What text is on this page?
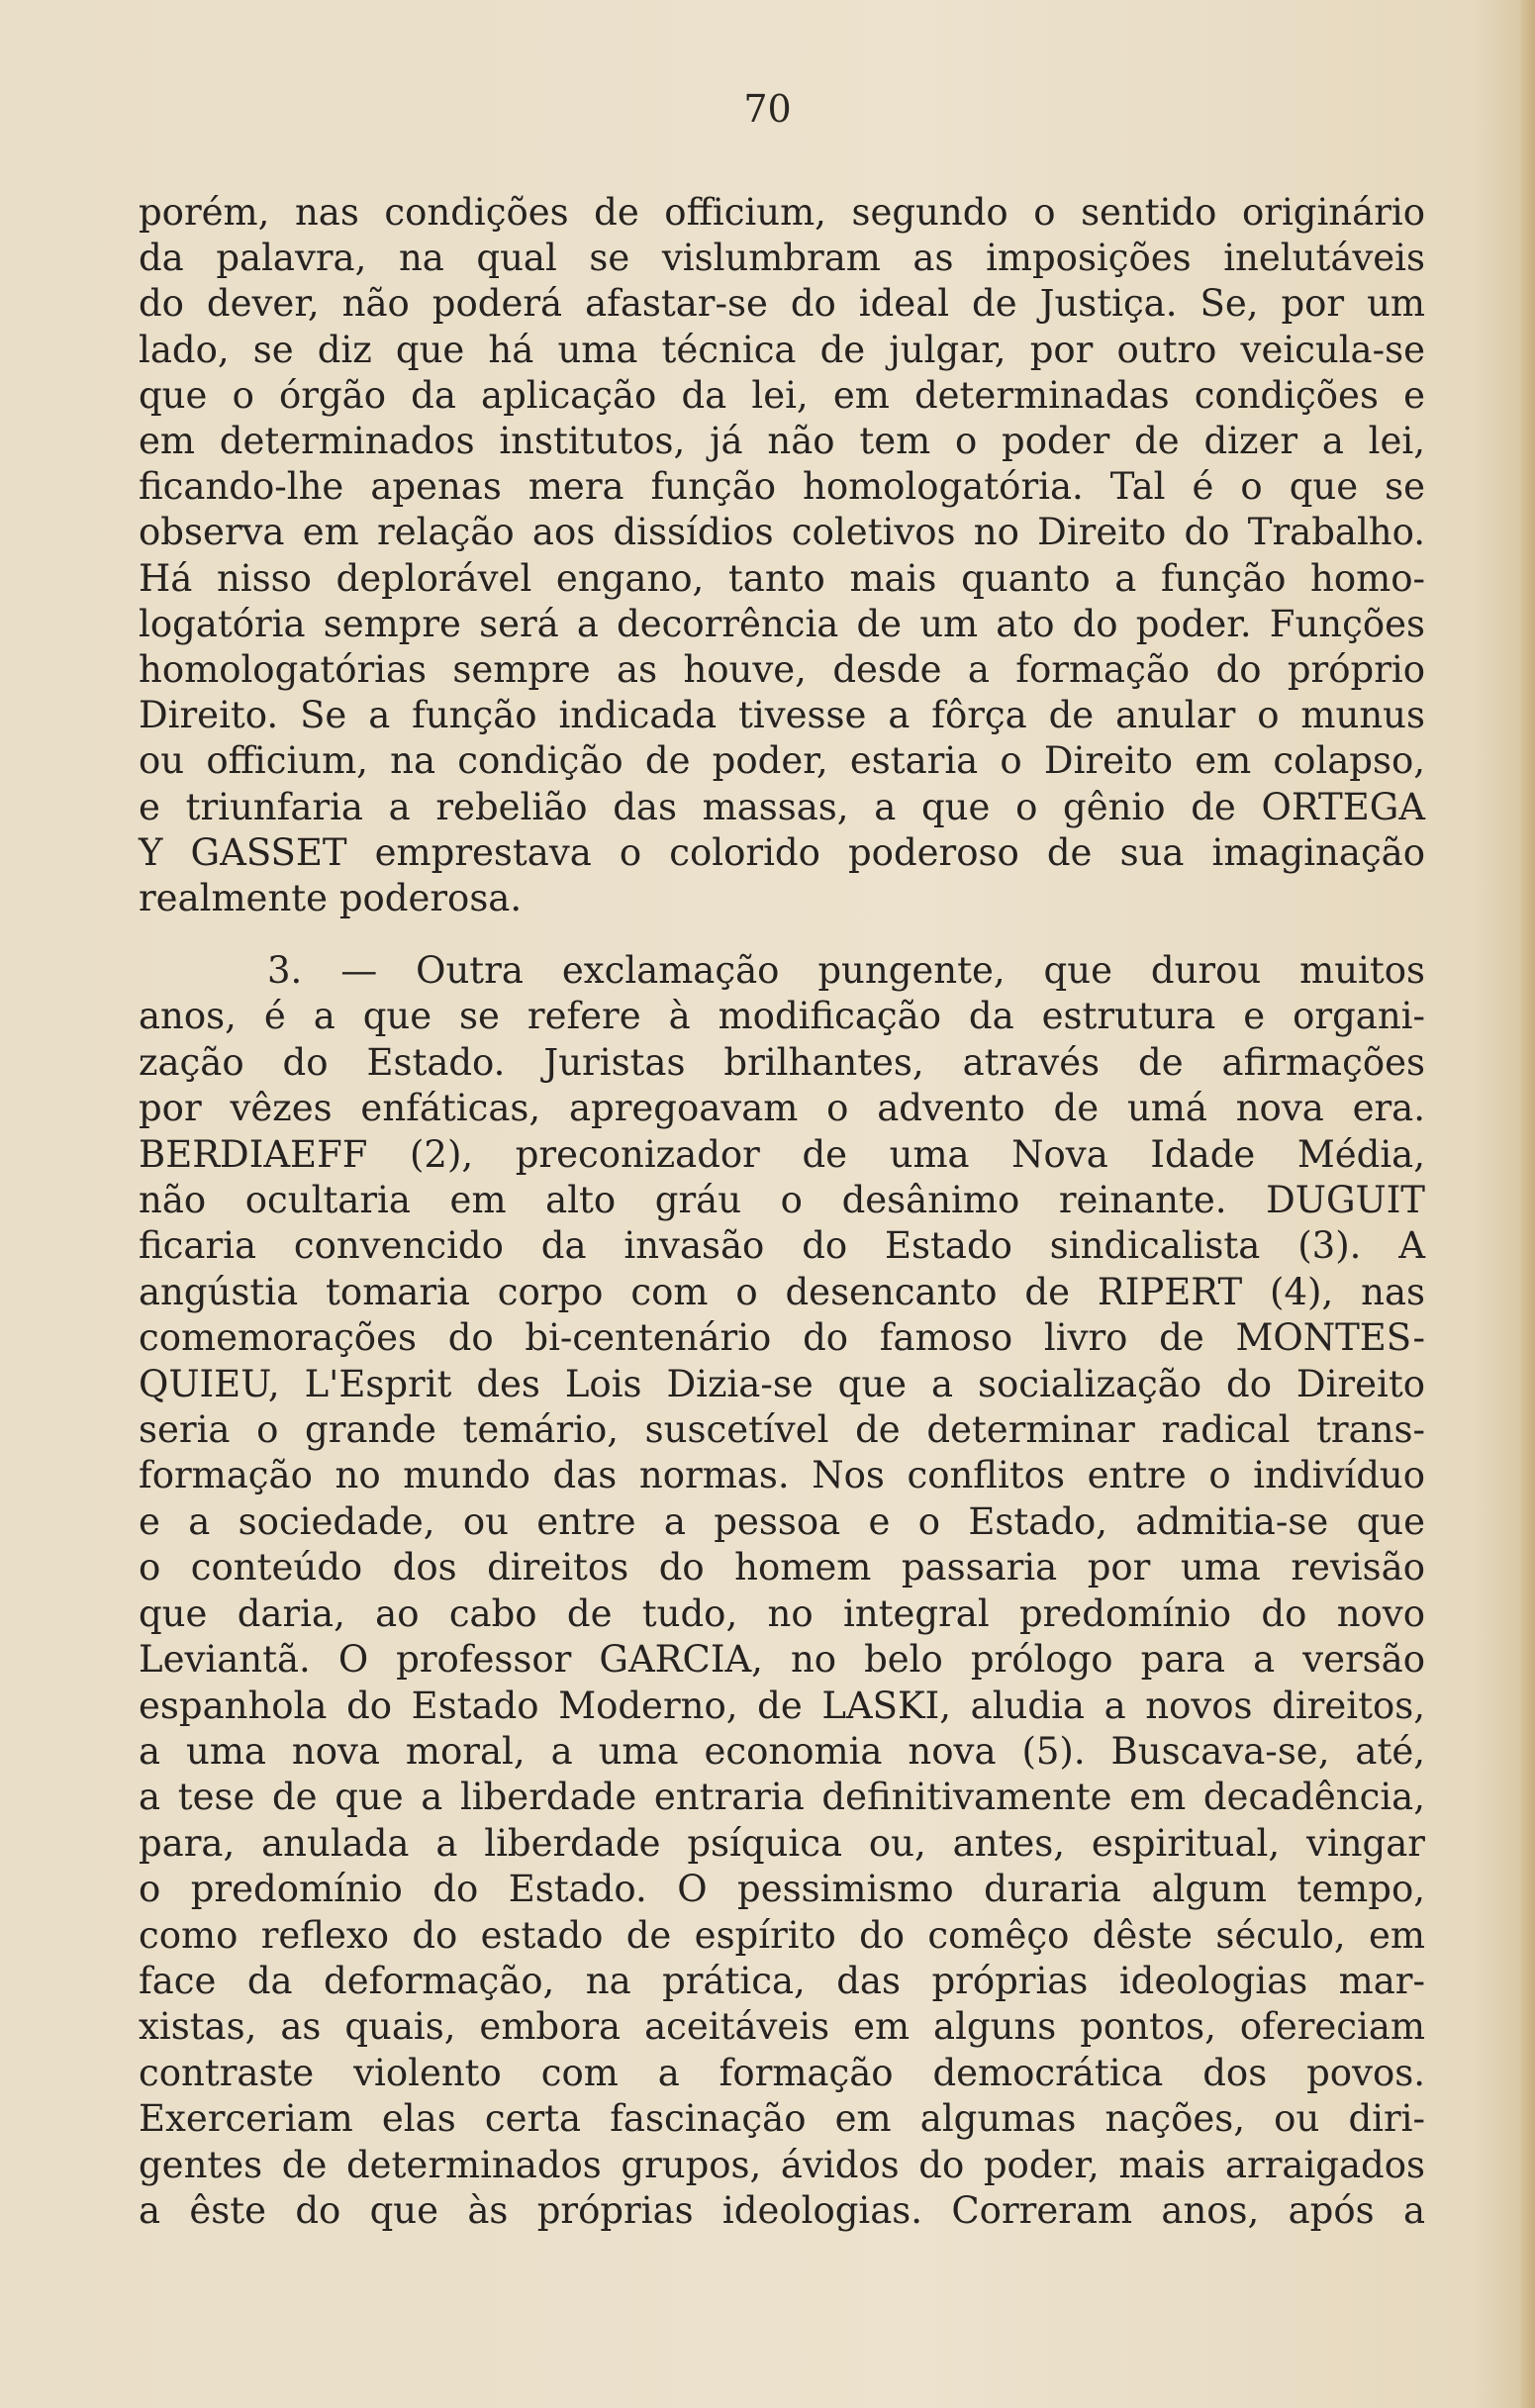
70
porém, nas condições de officium, segundo o sentido originário
da palavra, na qual se vislumbram as imposições inelutáveis
do dever, não poderá afastar-se do ideal de Justiça. Se, por um
lado, se diz que há uma técnica de julgar, por outro veicula-se
que o órgão da aplicação da lei, em determinadas condições e
em determinados institutos, já não tem o poder de dizer a lei,
ficando-lhe apenas mera função homologatória. Tal é o que se
observa em relação aos dissídios coletivos no Direito do Trabalho.
Há nisso deplorável engano, tanto mais quanto a função homo-
logatória sempre será a decorrência de um ato do poder. Funções
homologatórias sempre as houve, desde a formação do próprio
Direito. Se a função indicada tivesse a fôrça de anular o munus
ou officium, na condição de poder, estaria o Direito em colapso,
e triunfaria a rebelião das massas, a que o gênio de ORTEGA
Y GASSET emprestava o colorido poderoso de sua imaginação
realmente poderosa.
3. — Outra exclamação pungente, que durou muitos
anos, é a que se refere à modificação da estrutura e organi-
zação do Estado. Juristas brilhantes, através de afirmações
por vêzes enfáticas, apregoavam o advento de umá nova era.
BERDIAEFF (2), preconizador de uma Nova Idade Média,
não ocultaria em alto gráu o desânimo reinante. DUGUIT
ficaria convencido da invasão do Estado sindicalista (3). A
angústia tomaria corpo com o desencanto de RIPERT (4), nas
comemorações do bi-centenário do famoso livro de MONTES-
QUIEU, L'Esprit des Lois Dizia-se que a socialização do Direito
seria o grande temário, suscetível de determinar radical trans-
formação no mundo das normas. Nos conflitos entre o indivíduo
e a sociedade, ou entre a pessoa e o Estado, admitia-se que
o conteúdo dos direitos do homem passaria por uma revisão
que daria, ao cabo de tudo, no integral predomínio do novo
Leviantã. O professor GARCIA, no belo prólogo para a versão
espanhola do Estado Moderno, de LASKI, aludia a novos direitos,
a uma nova moral, a uma economia nova (5). Buscava-se, até,
a tese de que a liberdade entraria definitivamente em decadência,
para, anulada a liberdade psíquica ou, antes, espiritual, vingar
o predomínio do Estado. O pessimismo duraria algum tempo,
como reflexo do estado de espírito do comêço dêste século, em
face da deformação, na prática, das próprias ideologias mar-
xistas, as quais, embora aceitáveis em alguns pontos, ofereciam
contraste violento com a formação democrática dos povos.
Exerceriam elas certa fascinação em algumas nações, ou diri-
gentes de determinados grupos, ávidos do poder, mais arraigados
a êste do que às próprias ideologias. Correram anos, após a
